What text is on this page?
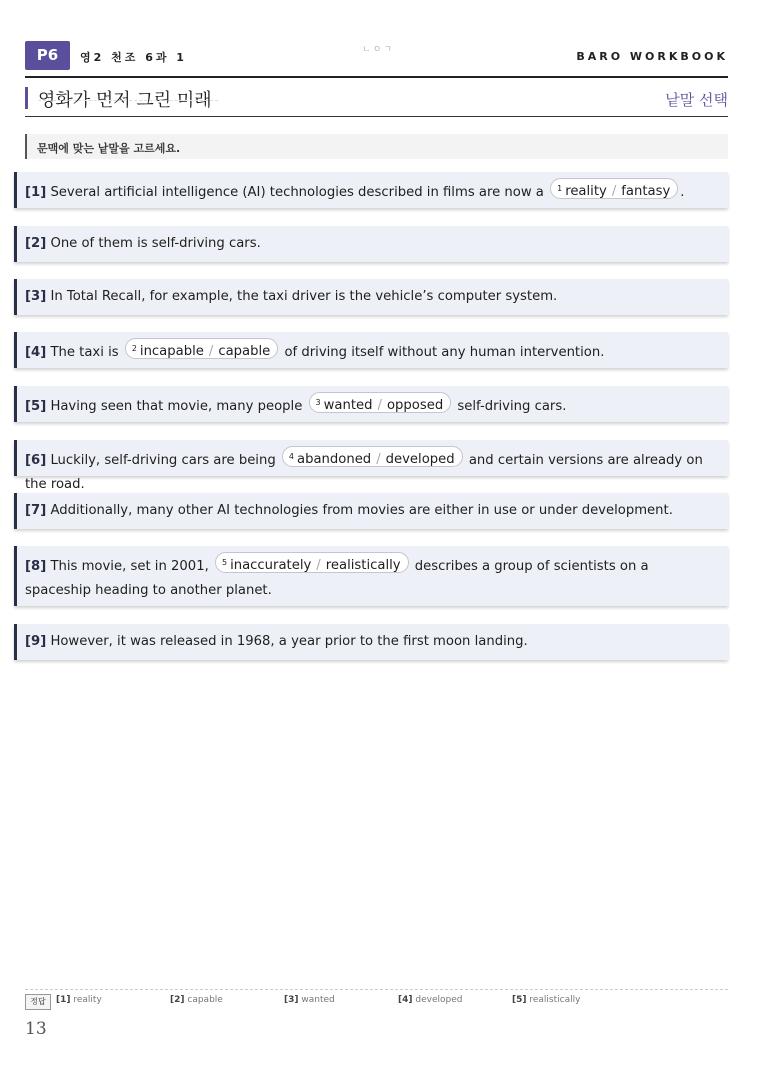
P6	영2 천조 6과 1
ㄴㅇㄱ	BARO WORKBOOK
영화가 먼저 그린 미래	낱말 선택
문맥에 맞는 낱말을 고르세요.
[1] Several artificial intelligence (AI) technologies described in films are now a $^1$ reality / fantasy .
[2] One of them is self-driving cars.
[3] In Total Recall, for example, the taxi driver is the vehicle’s computer system.
[4] The taxi is $^2$ incapable / capable of driving itself without any human intervention.
[5] Having seen that movie, many people $^3$ wanted / opposed self-driving cars.
[6] Luckily, self-driving cars are being $^4$ abandoned / developed and certain versions are already on the road.
[7] Additionally, many other AI technologies from movies are either in use or under development.
[8] This movie, set in 2001, $^5$ inaccurately / realistically describes a group of scientists on a spaceship heading to another planet.
[9] However, it was released in 1968, a year prior to the first moon landing.
정답	[1] reality	[2] capable	[3] wanted	[4] developed	[5] realistically
13
